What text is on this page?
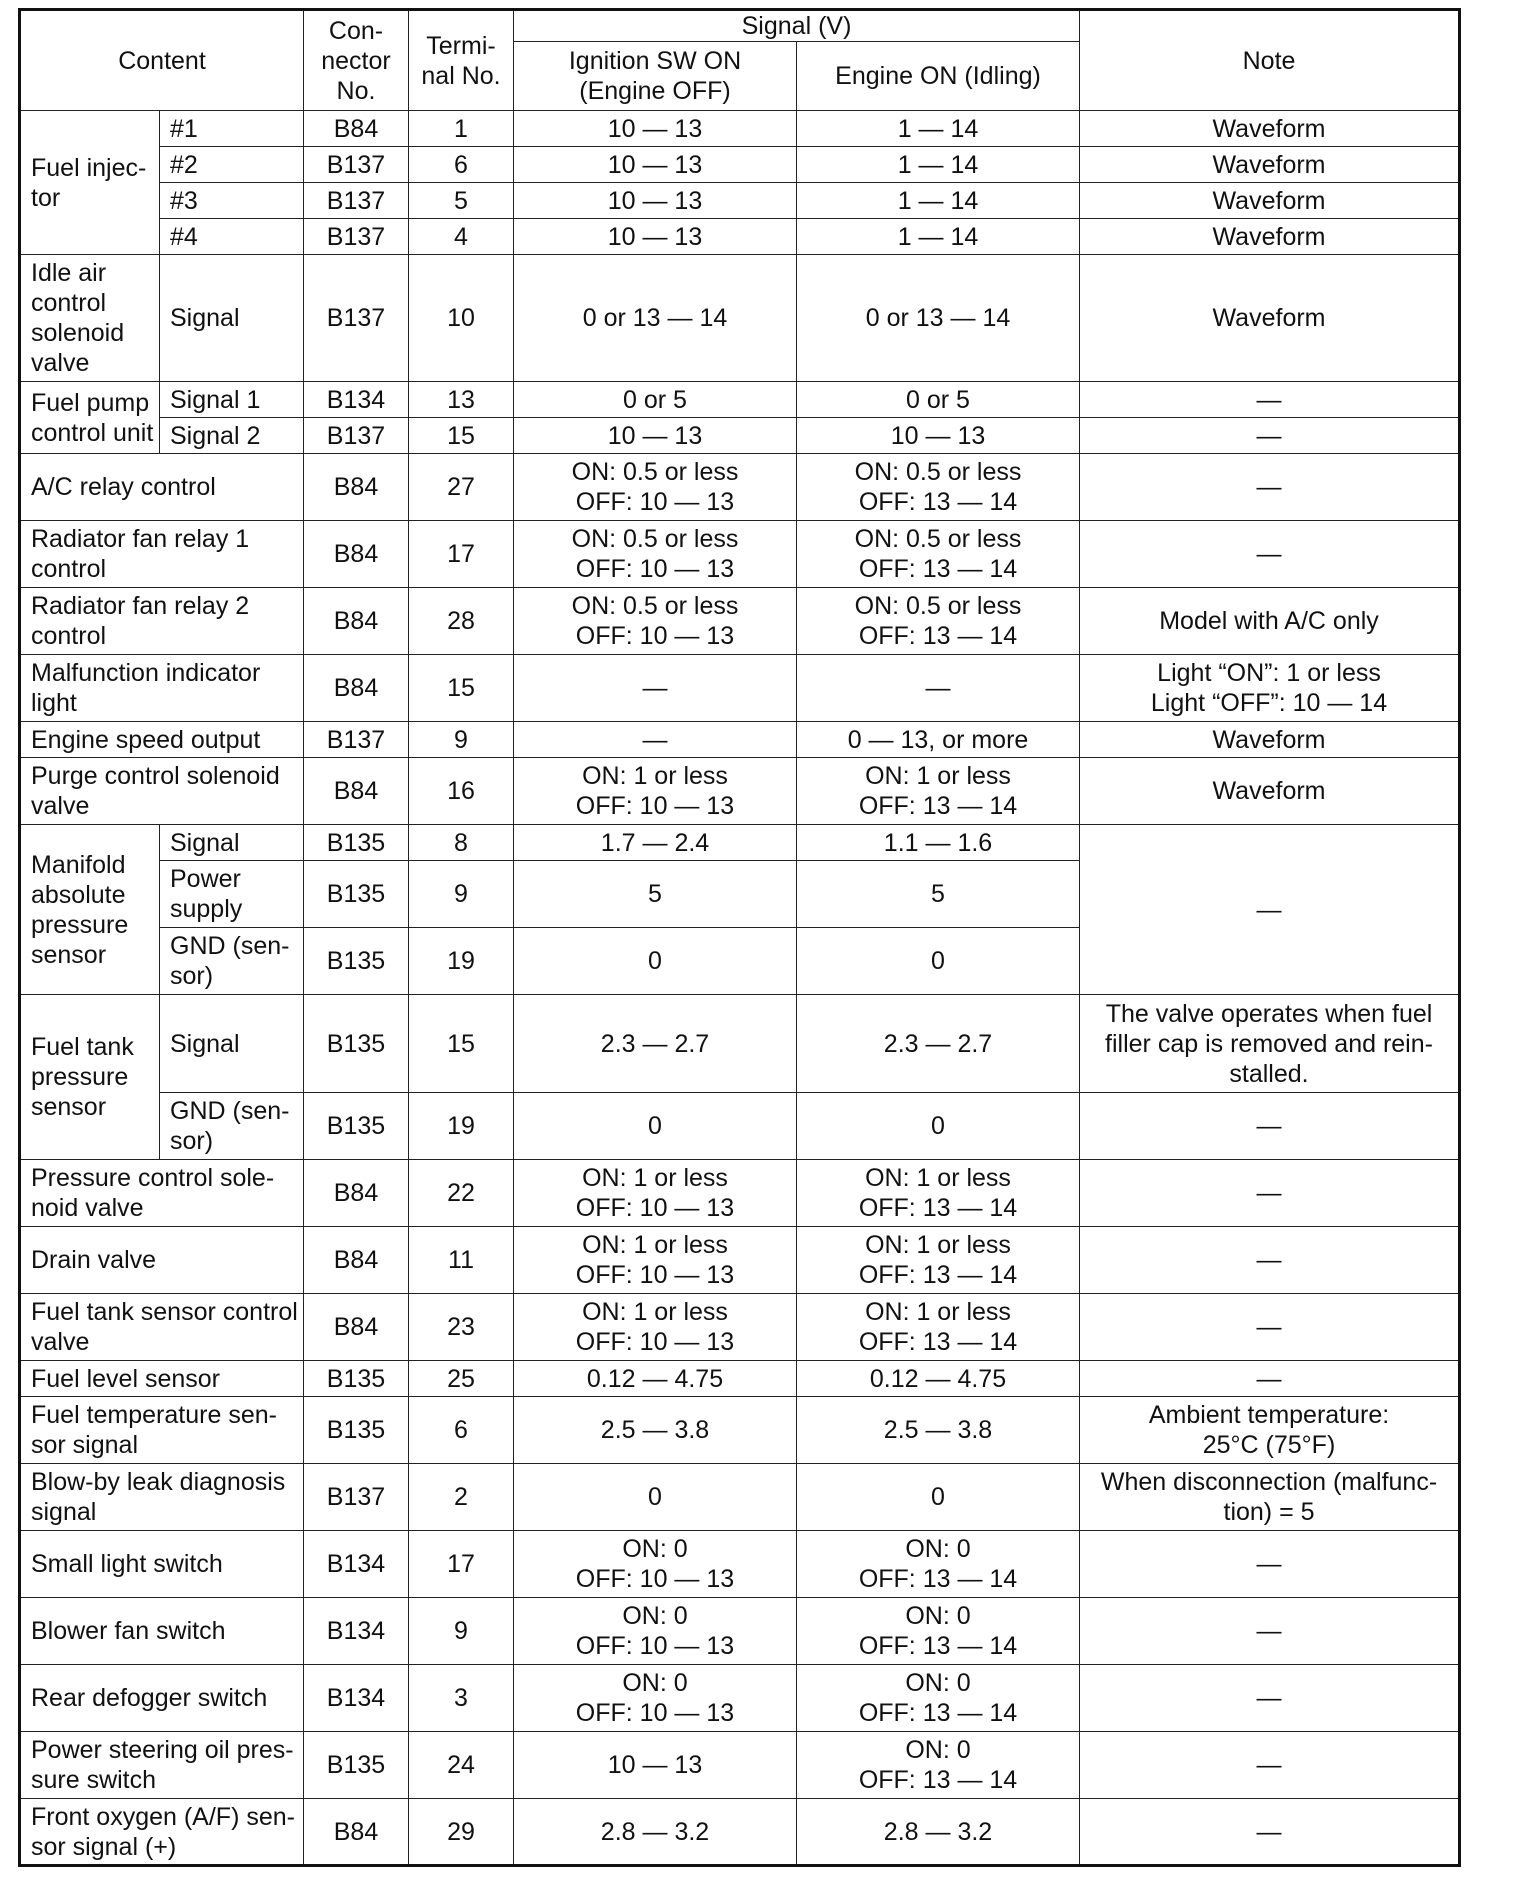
Content		Con-
nector
No.	Termi-
nal No.	Signal (V)		Note
				Ignition SW ON
(Engine OFF)	Engine ON (Idling)	
Fuel injec-
tor	#1	B84	1	10 — 13	1 — 14	Waveform
	#2	B137	6	10 — 13	1 — 14	Waveform
	#3	B137	5	10 — 13	1 — 14	Waveform
	#4	B137	4	10 — 13	1 — 14	Waveform
Idle air
control
solenoid
valve	Signal	B137	10	0 or 13 — 14	0 or 13 — 14	Waveform
Fuel pump
control unit	Signal 1	B134	13	0 or 5	0 or 5	—
	Signal 2	B137	15	10 — 13	10 — 13	—
A/C relay control		B84	27	ON: 0.5 or less
OFF: 10 — 13	ON: 0.5 or less
OFF: 13 — 14	—
Radiator fan relay 1
control		B84	17	ON: 0.5 or less
OFF: 10 — 13	ON: 0.5 or less
OFF: 13 — 14	—
Radiator fan relay 2
control		B84	28	ON: 0.5 or less
OFF: 10 — 13	ON: 0.5 or less
OFF: 13 — 14	Model with A/C only
Malfunction indicator
light		B84	15	—	—	Light “ON”: 1 or less
Light “OFF”: 10 — 14
Engine speed output		B137	9	—	0 — 13, or more	Waveform
Purge control solenoid
valve		B84	16	ON: 1 or less
OFF: 10 — 13	ON: 1 or less
OFF: 13 — 14	Waveform
Manifold
absolute
pressure
sensor	Signal	B135	8	1.7 — 2.4	1.1 — 1.6	—
	Power
supply	B135	9	5	5	
	GND (sen-
sor)	B135	19	0	0	
Fuel tank
pressure
sensor	Signal	B135	15	2.3 — 2.7	2.3 — 2.7	The valve operates when fuel
filler cap is removed and rein-
stalled.
	GND (sen-
sor)	B135	19	0	0	—
Pressure control sole-
noid valve		B84	22	ON: 1 or less
OFF: 10 — 13	ON: 1 or less
OFF: 13 — 14	—
Drain valve		B84	11	ON: 1 or less
OFF: 10 — 13	ON: 1 or less
OFF: 13 — 14	—
Fuel tank sensor control
valve		B84	23	ON: 1 or less
OFF: 10 — 13	ON: 1 or less
OFF: 13 — 14	—
Fuel level sensor		B135	25	0.12 — 4.75	0.12 — 4.75	—
Fuel temperature sen-
sor signal		B135	6	2.5 — 3.8	2.5 — 3.8	Ambient temperature:
25°C (75°F)
Blow-by leak diagnosis
signal		B137	2	0	0	When disconnection (malfunc-
tion) = 5
Small light switch		B134	17	ON: 0
OFF: 10 — 13	ON: 0
OFF: 13 — 14	—
Blower fan switch		B134	9	ON: 0
OFF: 10 — 13	ON: 0
OFF: 13 — 14	—
Rear defogger switch		B134	3	ON: 0
OFF: 10 — 13	ON: 0
OFF: 13 — 14	—
Power steering oil pres-
sure switch		B135	24	10 — 13	ON: 0
OFF: 13 — 14	—
Front oxygen (A/F) sen-
sor signal (+)		B84	29	2.8 — 3.2	2.8 — 3.2	—
